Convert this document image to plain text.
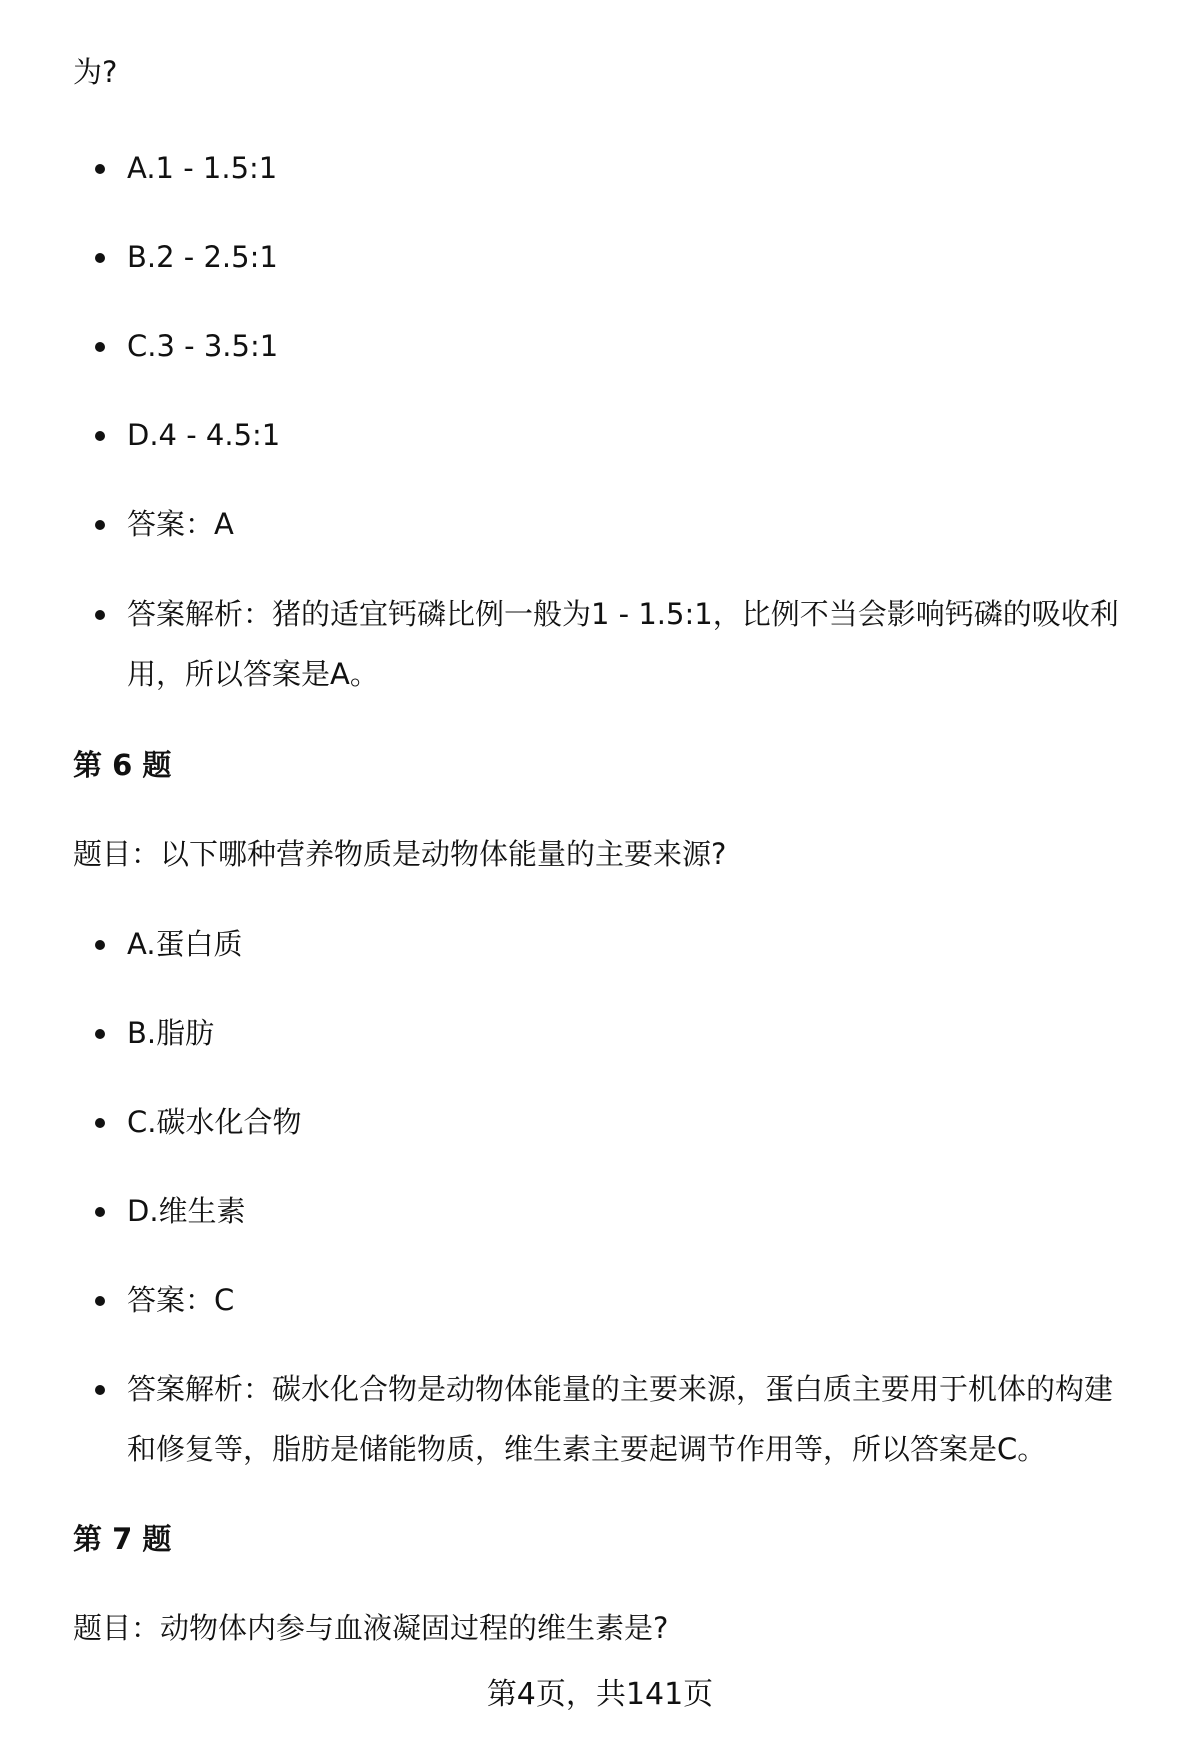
为?
A.1 - 1.5:1
B.2 - 2.5:1
C.3 - 3.5:1
D.4 - 4.5:1
答案：A
答案解析：猪的适宜钙磷比例一般为1 - 1.5:1，比例不当会影响钙磷的吸收利
用，所以答案是A。
第 6 题
题目：以下哪种营养物质是动物体能量的主要来源?
A.蛋白质
B.脂肪
C.碳水化合物
D.维生素
答案：C
答案解析：碳水化合物是动物体能量的主要来源，蛋白质主要用于机体的构建
和修复等，脂肪是储能物质，维生素主要起调节作用等，所以答案是C。
第 7 题
题目：动物体内参与血液凝固过程的维生素是?
第4页，共141页
